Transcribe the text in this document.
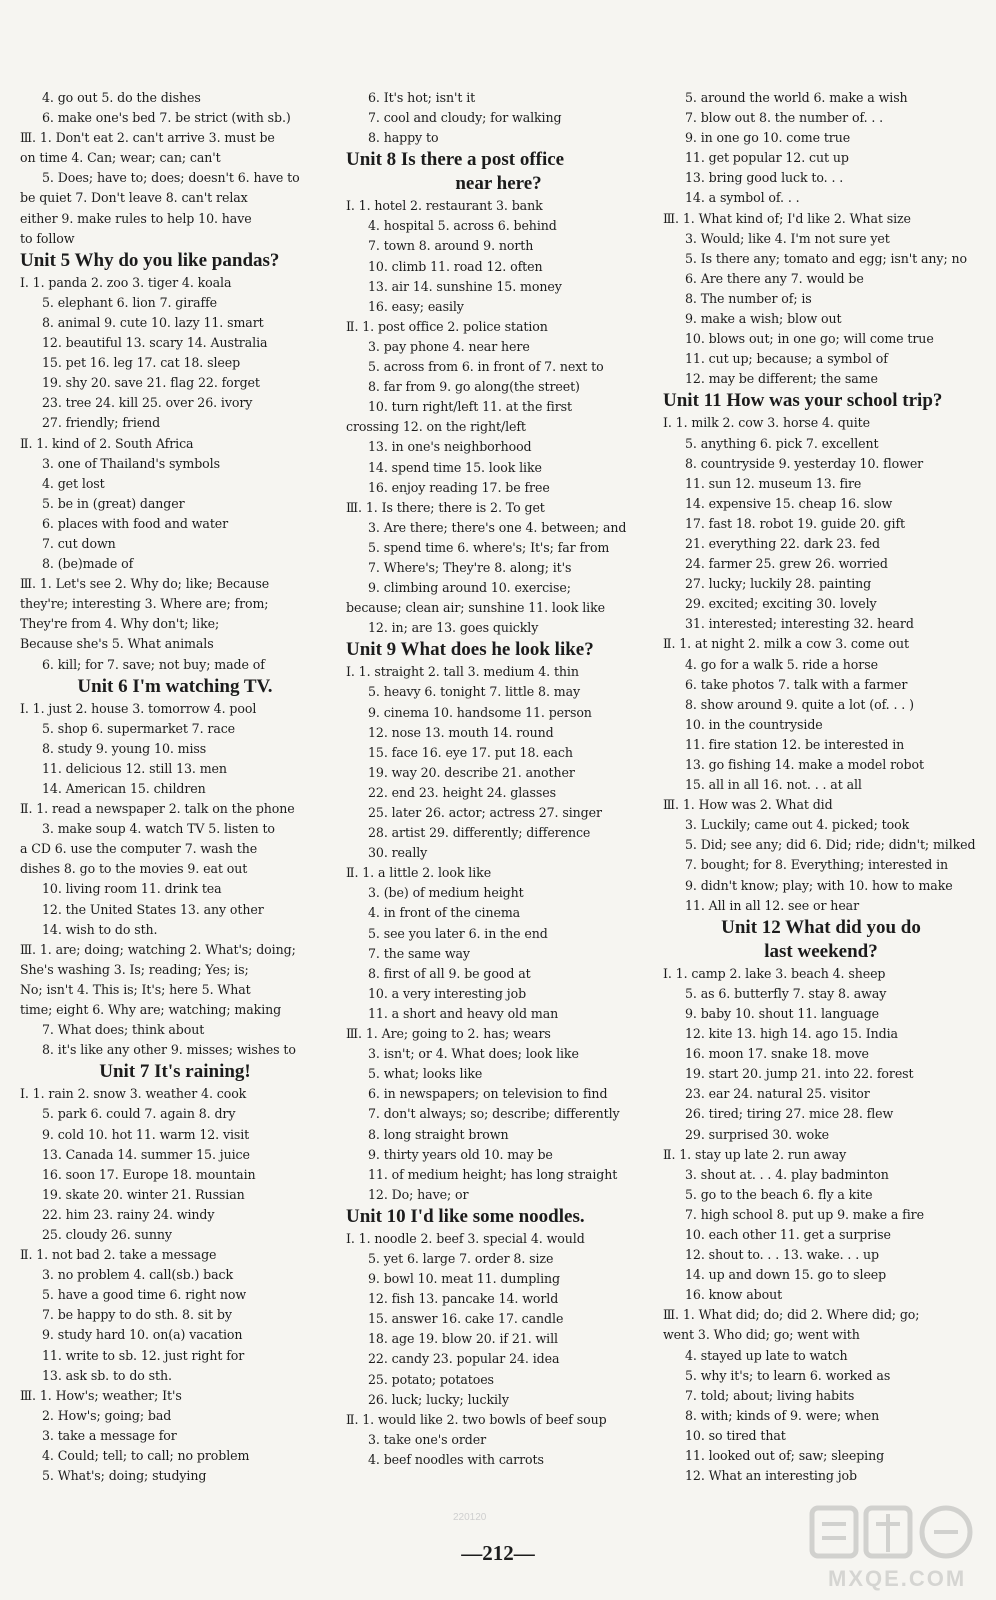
4. go out 5. do the dishes
6. make one's bed 7. be strict (with sb.)
Ⅲ. 1. Don't eat 2. can't arrive 3. must be
on time 4. Can; wear; can; can't
5. Does; have to; does; doesn't 6. have to
be quiet 7. Don't leave 8. can't relax
either 9. make rules to help 10. have
to follow
Unit 5 Why do you like pandas?
Ⅰ. 1. panda 2. zoo 3. tiger 4. koala
5. elephant 6. lion 7. giraffe
8. animal 9. cute 10. lazy 11. smart
12. beautiful 13. scary 14. Australia
15. pet 16. leg 17. cat 18. sleep
19. shy 20. save 21. flag 22. forget
23. tree 24. kill 25. over 26. ivory
27. friendly; friend
Ⅱ. 1. kind of 2. South Africa
3. one of Thailand's symbols
4. get lost
5. be in (great) danger
6. places with food and water
7. cut down
8. (be)made of
Ⅲ. 1. Let's see 2. Why do; like; Because
they're; interesting 3. Where are; from;
They're from 4. Why don't; like;
Because she's 5. What animals
6. kill; for 7. save; not buy; made of
Unit 6 I'm watching TV.
Ⅰ. 1. just 2. house 3. tomorrow 4. pool
5. shop 6. supermarket 7. race
8. study 9. young 10. miss
11. delicious 12. still 13. men
14. American 15. children
Ⅱ. 1. read a newspaper 2. talk on the phone
3. make soup 4. watch TV 5. listen to
a CD 6. use the computer 7. wash the
dishes 8. go to the movies 9. eat out
10. living room 11. drink tea
12. the United States 13. any other
14. wish to do sth.
Ⅲ. 1. are; doing; watching 2. What's; doing;
She's washing 3. Is; reading; Yes; is;
No; isn't 4. This is; It's; here 5. What
time; eight 6. Why are; watching; making
7. What does; think about
8. it's like any other 9. misses; wishes to
Unit 7 It's raining!
Ⅰ. 1. rain 2. snow 3. weather 4. cook
5. park 6. could 7. again 8. dry
9. cold 10. hot 11. warm 12. visit
13. Canada 14. summer 15. juice
16. soon 17. Europe 18. mountain
19. skate 20. winter 21. Russian
22. him 23. rainy 24. windy
25. cloudy 26. sunny
Ⅱ. 1. not bad 2. take a message
3. no problem 4. call(sb.) back
5. have a good time 6. right now
7. be happy to do sth. 8. sit by
9. study hard 10. on(a) vacation
11. write to sb. 12. just right for
13. ask sb. to do sth.
Ⅲ. 1. How's; weather; It's
2. How's; going; bad
3. take a message for
4. Could; tell; to call; no problem
5. What's; doing; studying
6. It's hot; isn't it
7. cool and cloudy; for walking
8. happy to
Unit 8 Is there a post office
near here?
Ⅰ. 1. hotel 2. restaurant 3. bank
4. hospital 5. across 6. behind
7. town 8. around 9. north
10. climb 11. road 12. often
13. air 14. sunshine 15. money
16. easy; easily
Ⅱ. 1. post office 2. police station
3. pay phone 4. near here
5. across from 6. in front of 7. next to
8. far from 9. go along(the street)
10. turn right/left 11. at the first
crossing 12. on the right/left
13. in one's neighborhood
14. spend time 15. look like
16. enjoy reading 17. be free
Ⅲ. 1. Is there; there is 2. To get
3. Are there; there's one 4. between; and
5. spend time 6. where's; It's; far from
7. Where's; They're 8. along; it's
9. climbing around 10. exercise;
because; clean air; sunshine 11. look like
12. in; are 13. goes quickly
Unit 9 What does he look like?
Ⅰ. 1. straight 2. tall 3. medium 4. thin
5. heavy 6. tonight 7. little 8. may
9. cinema 10. handsome 11. person
12. nose 13. mouth 14. round
15. face 16. eye 17. put 18. each
19. way 20. describe 21. another
22. end 23. height 24. glasses
25. later 26. actor; actress 27. singer
28. artist 29. differently; difference
30. really
Ⅱ. 1. a little 2. look like
3. (be) of medium height
4. in front of the cinema
5. see you later 6. in the end
7. the same way
8. first of all 9. be good at
10. a very interesting job
11. a short and heavy old man
Ⅲ. 1. Are; going to 2. has; wears
3. isn't; or 4. What does; look like
5. what; looks like
6. in newspapers; on television to find
7. don't always; so; describe; differently
8. long straight brown
9. thirty years old 10. may be
11. of medium height; has long straight
12. Do; have; or
Unit 10 I'd like some noodles.
Ⅰ. 1. noodle 2. beef 3. special 4. would
5. yet 6. large 7. order 8. size
9. bowl 10. meat 11. dumpling
12. fish 13. pancake 14. world
15. answer 16. cake 17. candle
18. age 19. blow 20. if 21. will
22. candy 23. popular 24. idea
25. potato; potatoes
26. luck; lucky; luckily
Ⅱ. 1. would like 2. two bowls of beef soup
3. take one's order
4. beef noodles with carrots
5. around the world 6. make a wish
7. blow out 8. the number of. . .
9. in one go 10. come true
11. get popular 12. cut up
13. bring good luck to. . .
14. a symbol of. . .
Ⅲ. 1. What kind of; I'd like 2. What size
3. Would; like 4. I'm not sure yet
5. Is there any; tomato and egg; isn't any; no
6. Are there any 7. would be
8. The number of; is
9. make a wish; blow out
10. blows out; in one go; will come true
11. cut up; because; a symbol of
12. may be different; the same
Unit 11 How was your school trip?
Ⅰ. 1. milk 2. cow 3. horse 4. quite
5. anything 6. pick 7. excellent
8. countryside 9. yesterday 10. flower
11. sun 12. museum 13. fire
14. expensive 15. cheap 16. slow
17. fast 18. robot 19. guide 20. gift
21. everything 22. dark 23. fed
24. farmer 25. grew 26. worried
27. lucky; luckily 28. painting
29. excited; exciting 30. lovely
31. interested; interesting 32. heard
Ⅱ. 1. at night 2. milk a cow 3. come out
4. go for a walk 5. ride a horse
6. take photos 7. talk with a farmer
8. show around 9. quite a lot (of. . . )
10. in the countryside
11. fire station 12. be interested in
13. go fishing 14. make a model robot
15. all in all 16. not. . . at all
Ⅲ. 1. How was 2. What did
3. Luckily; came out 4. picked; took
5. Did; see any; did 6. Did; ride; didn't; milked
7. bought; for 8. Everything; interested in
9. didn't know; play; with 10. how to make
11. All in all 12. see or hear
Unit 12 What did you do
last weekend?
Ⅰ. 1. camp 2. lake 3. beach 4. sheep
5. as 6. butterfly 7. stay 8. away
9. baby 10. shout 11. language
12. kite 13. high 14. ago 15. India
16. moon 17. snake 18. move
19. start 20. jump 21. into 22. forest
23. ear 24. natural 25. visitor
26. tired; tiring 27. mice 28. flew
29. surprised 30. woke
Ⅱ. 1. stay up late 2. run away
3. shout at. . . 4. play badminton
5. go to the beach 6. fly a kite
7. high school 8. put up 9. make a fire
10. each other 11. get a surprise
12. shout to. . . 13. wake. . . up
14. up and down 15. go to sleep
16. know about
Ⅲ. 1. What did; do; did 2. Where did; go;
went 3. Who did; go; went with
4. stayed up late to watch
5. why it's; to learn 6. worked as
7. told; about; living habits
8. with; kinds of 9. were; when
10. so tired that
11. looked out of; saw; sleeping
12. What an interesting job
220120
—212—
MXQE.COM
